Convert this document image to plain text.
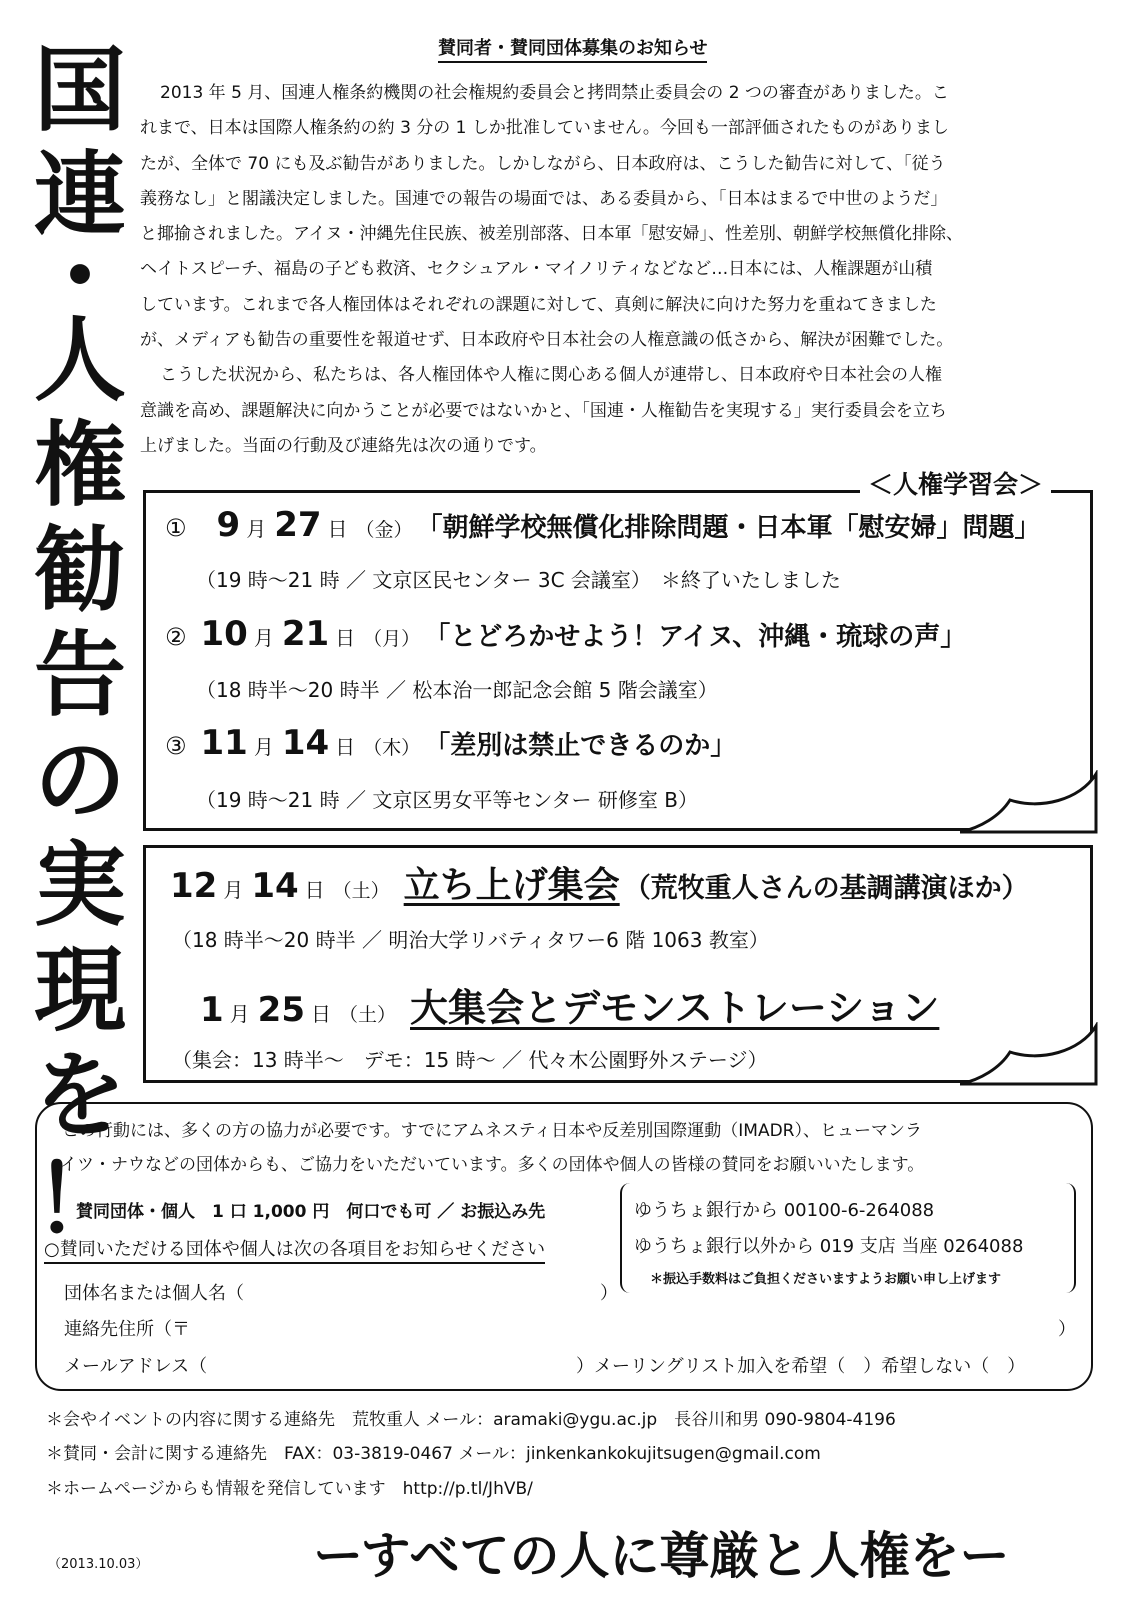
国
連
・
人
権
勧
告
の
実
現
を
！
賛同者・賛同団体募集のお知らせ
2013 年 5 月、国連人権条約機関の社会権規約委員会と拷問禁止委員会の 2 つの審査がありました。こ
れまで、日本は国際人権条約の約 3 分の 1 しか批准していません。今回も一部評価されたものがありまし
たが、全体で 70 にも及ぶ勧告がありました。しかしながら、日本政府は、こうした勧告に対して、「従う
義務なし」と閣議決定しました。国連での報告の場面では、ある委員から、「日本はまるで中世のようだ」
と揶揄されました。アイヌ・沖縄先住民族、被差別部落、日本軍「慰安婦」、性差別、朝鮮学校無償化排除、
ヘイトスピーチ、福島の子ども救済、セクシュアル・マイノリティなどなど…日本には、人権課題が山積
しています。これまで各人権団体はそれぞれの課題に対して、真剣に解決に向けた努力を重ねてきました
が、メディアも勧告の重要性を報道せず、日本政府や日本社会の人権意識の低さから、解決が困難でした。
こうした状況から、私たちは、各人権団体や人権に関心ある個人が連帯し、日本政府や日本社会の人権
意識を高め、課題解決に向かうことが必要ではないかと、「国連・人権勧告を実現する」実行委員会を立ち
上げました。当面の行動及び連絡先は次の通りです。
＜人権学習会＞
① 9 月 27 日 （金） 「朝鮮学校無償化排除問題・日本軍「慰安婦」問題」
（19 時～21 時 ／ 文京区民センター 3C 会議室）　＊終了いたしました
② 10 月 21 日 （月） 「とどろかせよう！アイヌ、沖縄・琉球の声」
（18 時半～20 時半 ／ 松本治一郎記念会館 5 階会議室）
③ 11 月 14 日 （木） 「差別は禁止できるのか」
（19 時～21 時 ／ 文京区男女平等センター 研修室 B）
12 月 14 日 （土） 立ち上げ集会 （荒牧重人さんの基調講演ほか）
（18 時半～20 時半 ／ 明治大学リバティタワー6 階 1063 教室）
1 月 25 日 （土） 大集会とデモンストレーション
（集会：13 時半～　デモ：15 時～ ／ 代々木公園野外ステージ）
この行動には、多くの方の協力が必要です。すでにアムネスティ日本や反差別国際運動（IMADR）、ヒューマンラ
イツ・ナウなどの団体からも、ご協力をいただいています。多くの団体や個人の皆様の賛同をお願いいたします。
賛同団体・個人　1 口 1,000 円　何口でも可 ／ お振込み先
○賛同いただける団体や個人は次の各項目をお知らせください
団体名または個人名（	）
連絡先住所（〒	）
メールアドレス（	）メーリングリスト加入を希望（　）希望しない（　）
ゆうちょ銀行から 00100-6-264088
ゆうちょ銀行以外から 019 支店 当座 0264088
＊振込手数料はご負担くださいますようお願い申し上げます
＊会やイベントの内容に関する連絡先　荒牧重人 メール：aramaki@ygu.ac.jp　長谷川和男 090-9804-4196
＊賛同・会計に関する連絡先　FAX：03-3819-0467 メール：jinkenkankokujitsugen@gmail.com
＊ホームページからも情報を発信しています　http://p.tl/JhVB/
ーすべての人に尊厳と人権をー
（2013.10.03）
